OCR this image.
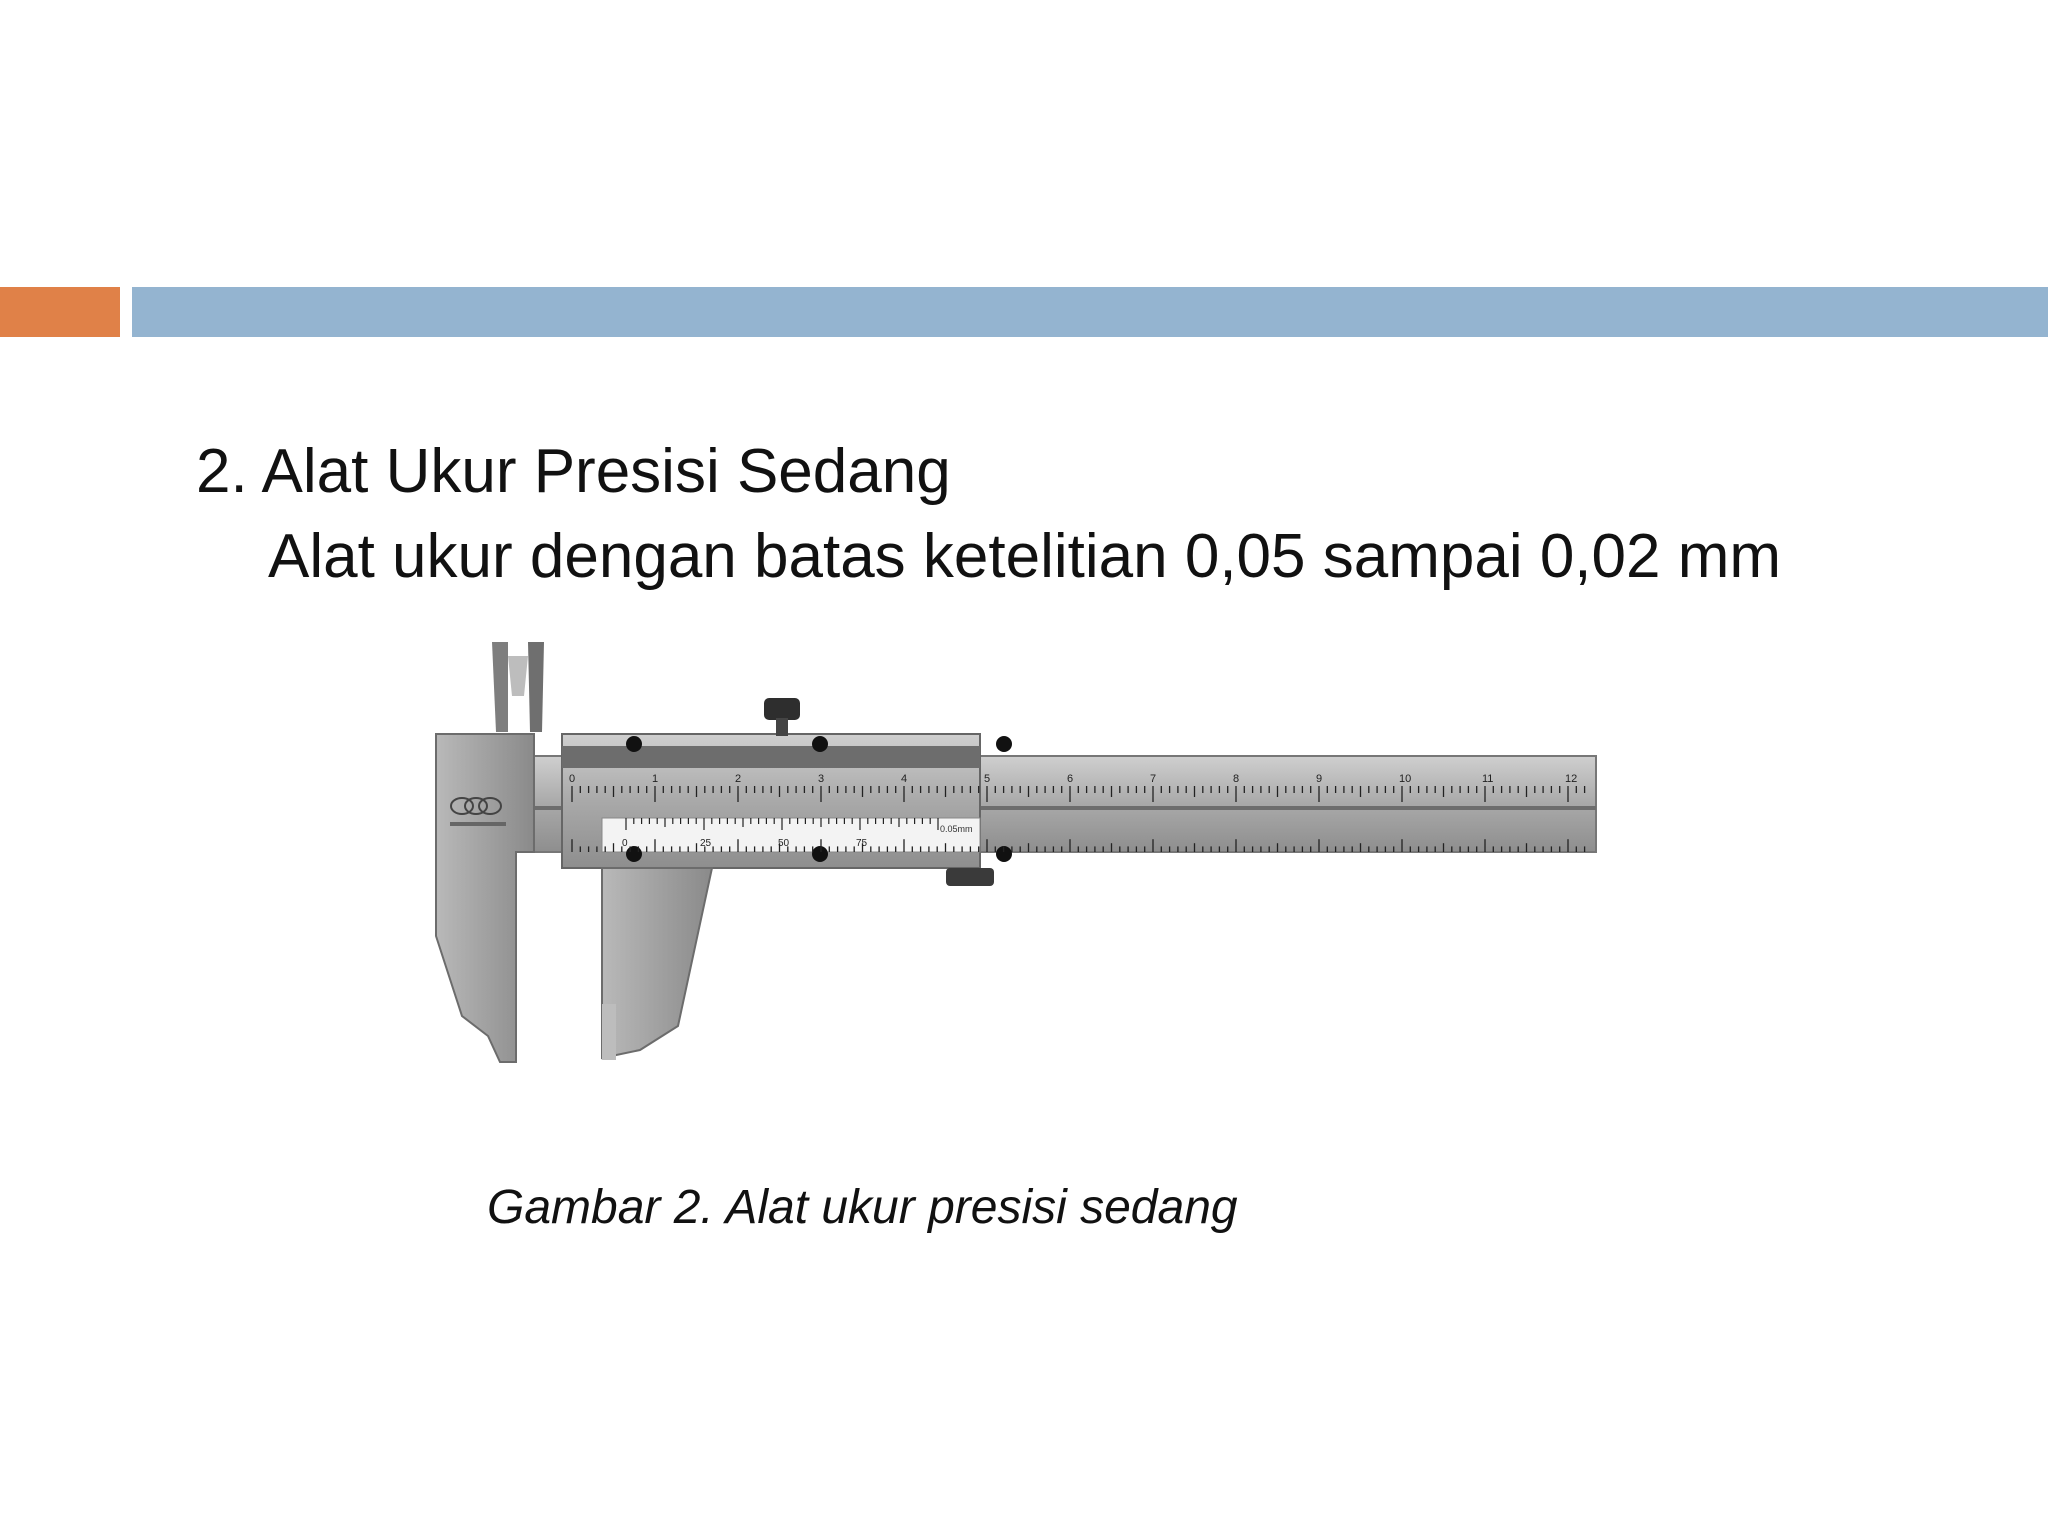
2. Alat Ukur Presisi Sedang
Alat ukur dengan batas ketelitian 0,05 sampai 0,02 mm
0	1	2	3	4	5	6	7	8	9	10	11	12
0	25	50	75
0.05mm
Gambar 2. Alat ukur presisi sedang
